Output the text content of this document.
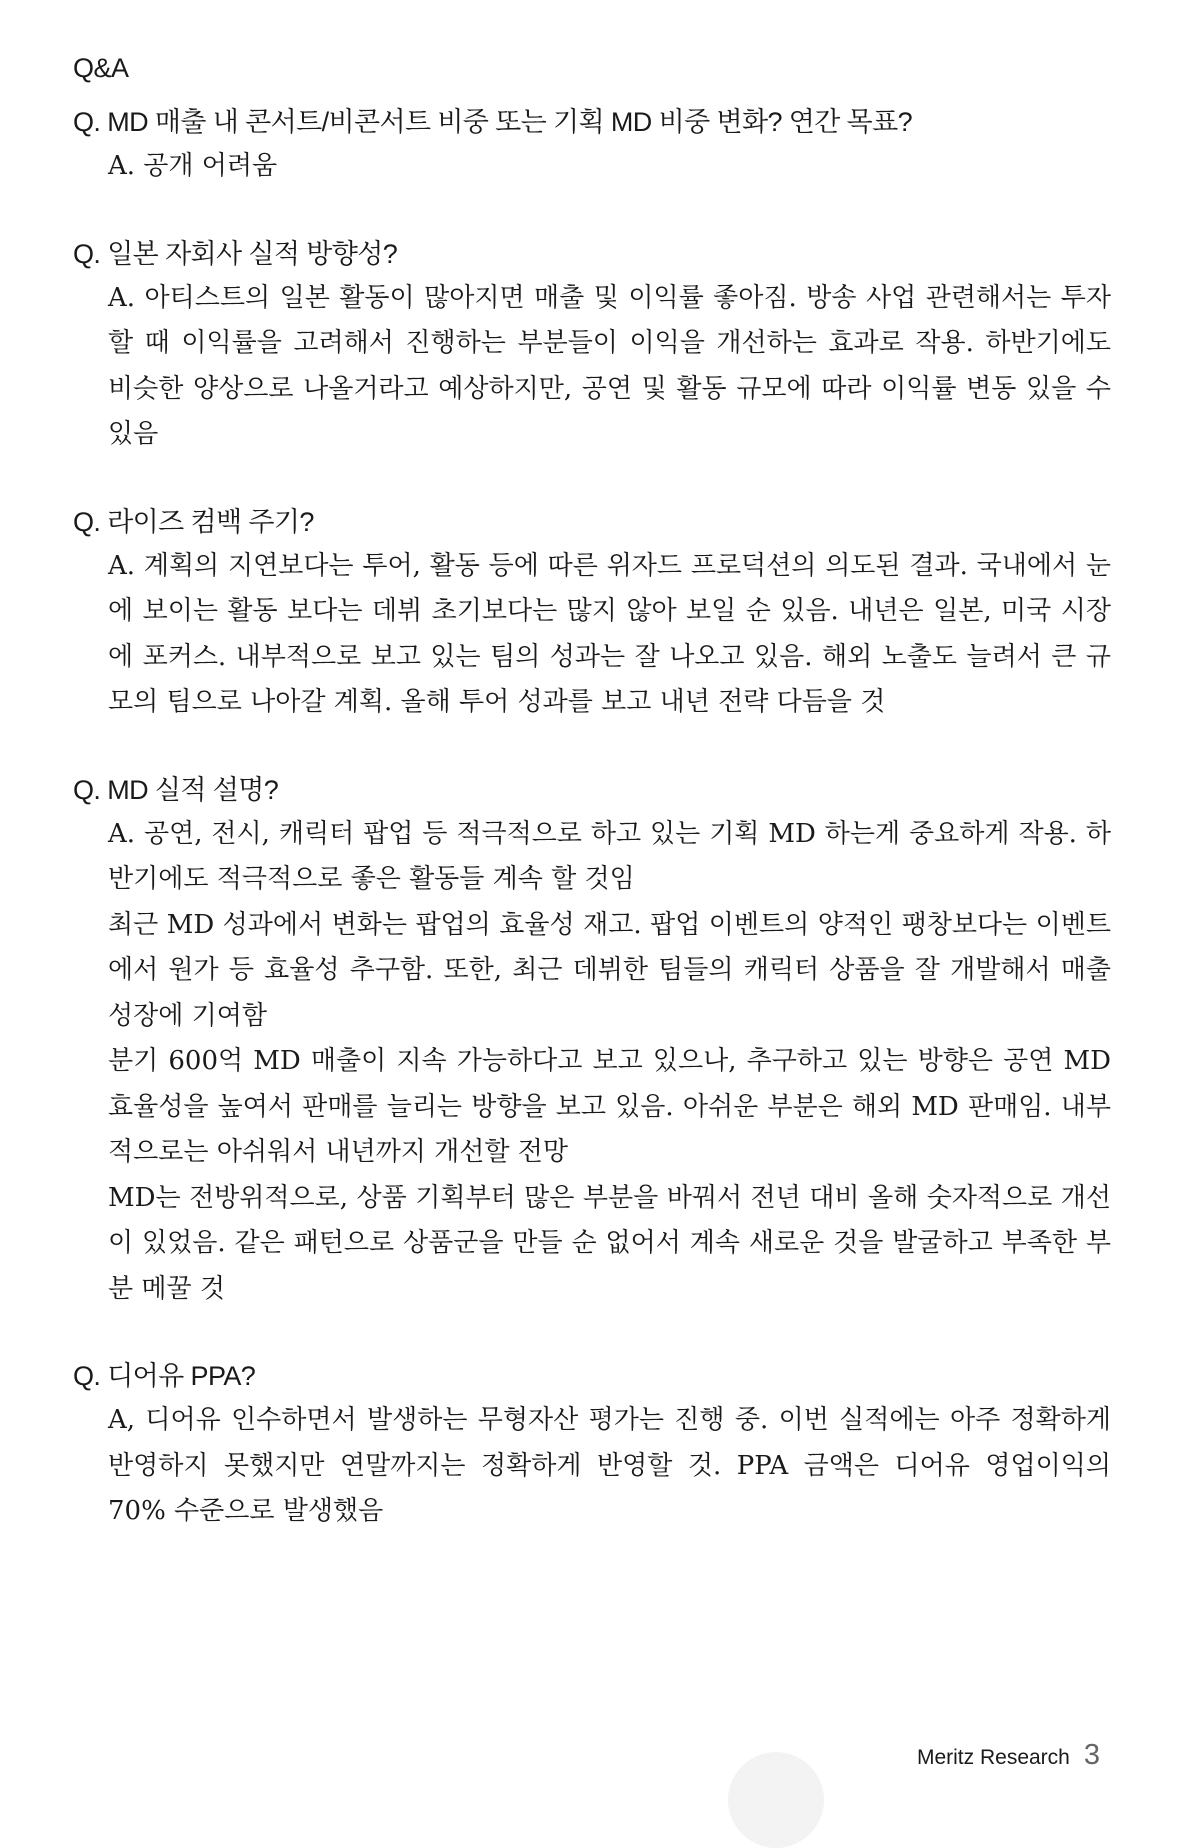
Q&A
Q. MD 매출 내 콘서트/비콘서트 비중 또는 기획 MD 비중 변화? 연간 목표?

A. 공개 어려움

Q. 일본 자회사 실적 방향성?

A. 아티스트의 일본 활동이 많아지면 매출 및 이익률 좋아짐. 방송 사업 관련해서는 투자할 때 이익률을 고려해서 진행하는 부분들이 이익을 개선하는 효과로 작용. 하반기에도 비슷한 양상으로 나올거라고 예상하지만, 공연 및 활동 규모에 따라 이익률 변동 있을 수 있음

Q. 라이즈 컴백 주기?

A. 계획의 지연보다는 투어, 활동 등에 따른 위자드 프로덕션의 의도된 결과. 국내에서 눈에 보이는 활동 보다는 데뷔 초기보다는 많지 않아 보일 순 있음. 내년은 일본, 미국 시장에 포커스. 내부적으로 보고 있는 팀의 성과는 잘 나오고 있음. 해외 노출도 늘려서 큰 규모의 팀으로 나아갈 계획. 올해 투어 성과를 보고 내년 전략 다듬을 것

Q. MD 실적 설명?

A. 공연, 전시, 캐릭터 팝업 등 적극적으로 하고 있는 기획 MD 하는게 중요하게 작용. 하반기에도 적극적으로 좋은 활동들 계속 할 것임

최근 MD 성과에서 변화는 팝업의 효율성 재고. 팝업 이벤트의 양적인 팽창보다는 이벤트에서 원가 등 효율성 추구함. 또한, 최근 데뷔한 팀들의 캐릭터 상품을 잘 개발해서 매출 성장에 기여함

분기 600억 MD 매출이 지속 가능하다고 보고 있으나, 추구하고 있는 방향은 공연 MD 효율성을 높여서 판매를 늘리는 방향을 보고 있음. 아쉬운 부분은 해외 MD 판매임. 내부적으로는 아쉬워서 내년까지 개선할 전망

MD는 전방위적으로, 상품 기획부터 많은 부분을 바꿔서 전년 대비 올해 숫자적으로 개선이 있었음. 같은 패턴으로 상품군을 만들 순 없어서 계속 새로운 것을 발굴하고 부족한 부분 메꿀 것

Q. 디어유 PPA?

A, 디어유 인수하면서 발생하는 무형자산 평가는 진행 중. 이번 실적에는 아주 정확하게 반영하지 못했지만 연말까지는 정확하게 반영할 것. PPA 금액은 디어유 영업이익의 70% 수준으로 발생했음

Meritz Research 3
